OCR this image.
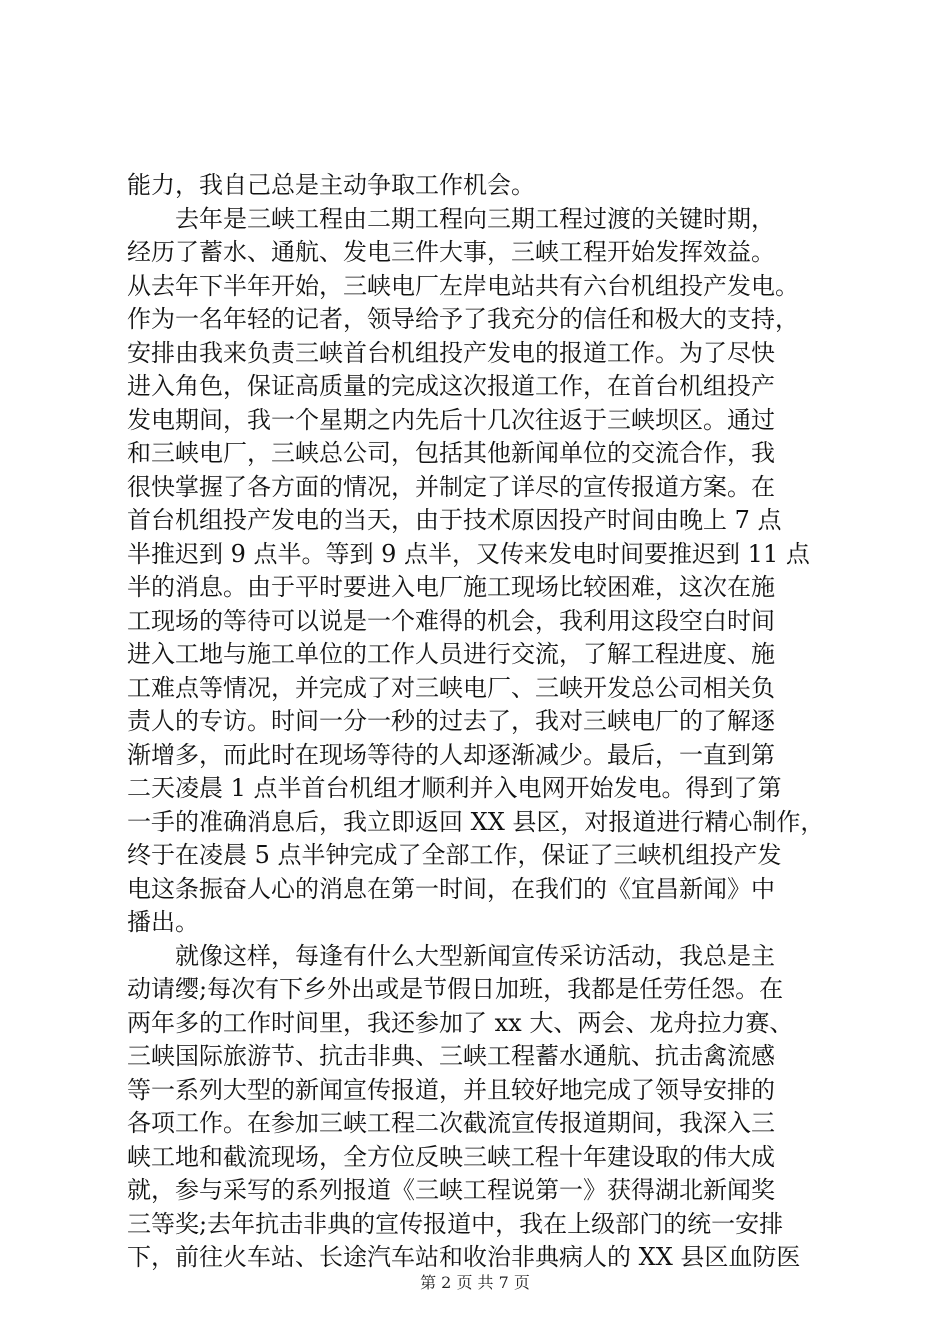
能力，我自己总是主动争取工作机会。
　　去年是三峡工程由二期工程向三期工程过渡的关键时期，
经历了蓄水、通航、发电三件大事，三峡工程开始发挥效益。
从去年下半年开始，三峡电厂左岸电站共有六台机组投产发电。
作为一名年轻的记者，领导给予了我充分的信任和极大的支持，
安排由我来负责三峡首台机组投产发电的报道工作。为了尽快
进入角色，保证高质量的完成这次报道工作，在首台机组投产
发电期间，我一个星期之内先后十几次往返于三峡坝区。通过
和三峡电厂，三峡总公司，包括其他新闻单位的交流合作，我
很快掌握了各方面的情况，并制定了详尽的宣传报道方案。在
首台机组投产发电的当天，由于技术原因投产时间由晚上 7 点
半推迟到 9 点半。等到 9 点半，又传来发电时间要推迟到 11 点
半的消息。由于平时要进入电厂施工现场比较困难，这次在施
工现场的等待可以说是一个难得的机会，我利用这段空白时间
进入工地与施工单位的工作人员进行交流，了解工程进度、施
工难点等情况，并完成了对三峡电厂、三峡开发总公司相关负
责人的专访。时间一分一秒的过去了，我对三峡电厂的了解逐
渐增多，而此时在现场等待的人却逐渐减少。最后，一直到第
二天凌晨 1 点半首台机组才顺利并入电网开始发电。得到了第
一手的准确消息后，我立即返回 XX 县区，对报道进行精心制作，
终于在凌晨 5 点半钟完成了全部工作，保证了三峡机组投产发
电这条振奋人心的消息在第一时间，在我们的《宜昌新闻》中
播出。
　　就像这样，每逢有什么大型新闻宣传采访活动，我总是主
动请缨;每次有下乡外出或是节假日加班，我都是任劳任怨。在
两年多的工作时间里，我还参加了 xx 大、两会、龙舟拉力赛、
三峡国际旅游节、抗击非典、三峡工程蓄水通航、抗击禽流感
等一系列大型的新闻宣传报道，并且较好地完成了领导安排的
各项工作。在参加三峡工程二次截流宣传报道期间，我深入三
峡工地和截流现场，全方位反映三峡工程十年建设取的伟大成
就，参与采写的系列报道《三峡工程说第一》获得湖北新闻奖
三等奖;去年抗击非典的宣传报道中，我在上级部门的统一安排
下，前往火车站、长途汽车站和收治非典病人的 XX 县区血防医
第 2 页 共 7 页
